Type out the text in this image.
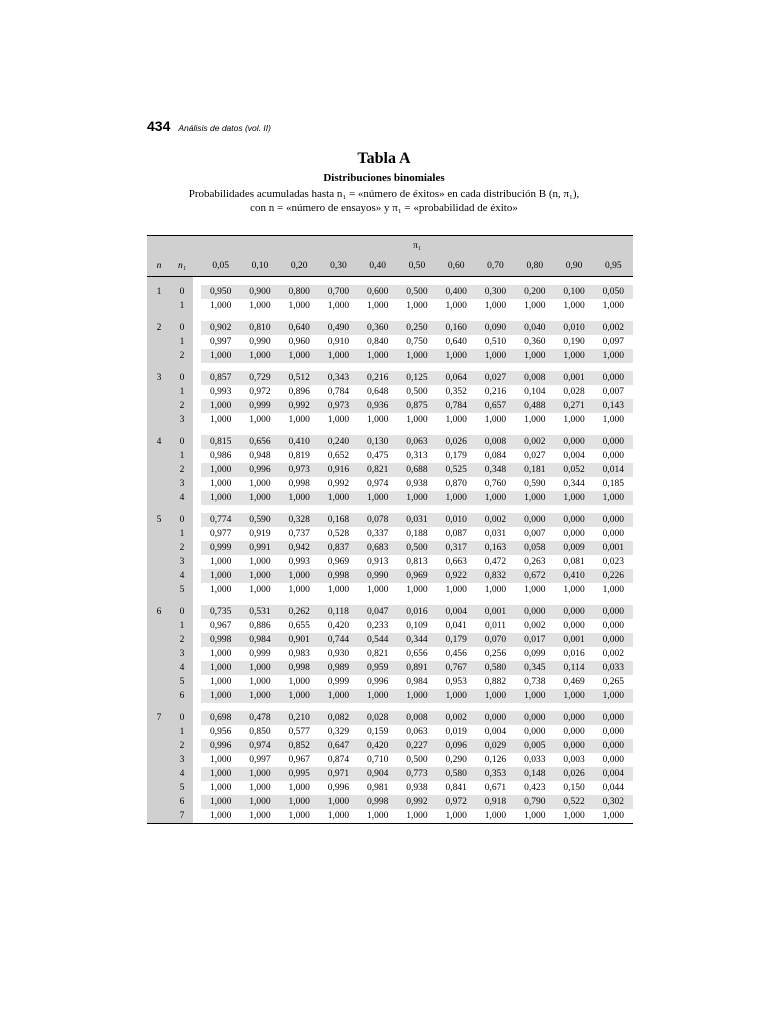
434 Análisis de datos (vol. II)
Tabla A
Distribuciones binomiales
Probabilidades acumuladas hasta n₁ = «número de éxitos» en cada distribución B (n, π₁),
con n = «número de ensayos» y π₁ = «probabilidad de éxito»
			π₁										
n	n₁		0,05	0,10	0,20	0,30	0,40	0,50	0,60	0,70	0,80	0,90	0,95

1	0		0,950	0,900	0,800	0,700	0,600	0,500	0,400	0,300	0,200	0,100	0,050
	1		1,000	1,000	1,000	1,000	1,000	1,000	1,000	1,000	1,000	1,000	1,000

2	0		0,902	0,810	0,640	0,490	0,360	0,250	0,160	0,090	0,040	0,010	0,002
	1		0,997	0,990	0,960	0,910	0,840	0,750	0,640	0,510	0,360	0,190	0,097
	2		1,000	1,000	1,000	1,000	1,000	1,000	1,000	1,000	1,000	1,000	1,000

3	0		0,857	0,729	0,512	0,343	0,216	0,125	0,064	0,027	0,008	0,001	0,000
	1		0,993	0,972	0,896	0,784	0,648	0,500	0,352	0,216	0,104	0,028	0,007
	2		1,000	0,999	0,992	0,973	0,936	0,875	0,784	0,657	0,488	0,271	0,143
	3		1,000	1,000	1,000	1,000	1,000	1,000	1,000	1,000	1,000	1,000	1,000

4	0		0,815	0,656	0,410	0,240	0,130	0,063	0,026	0,008	0,002	0,000	0,000
	1		0,986	0,948	0,819	0,652	0,475	0,313	0,179	0,084	0,027	0,004	0,000
	2		1,000	0,996	0,973	0,916	0,821	0,688	0,525	0,348	0,181	0,052	0,014
	3		1,000	1,000	0,998	0,992	0,974	0,938	0,870	0,760	0,590	0,344	0,185
	4		1,000	1,000	1,000	1,000	1,000	1,000	1,000	1,000	1,000	1,000	1,000

5	0		0,774	0,590	0,328	0,168	0,078	0,031	0,010	0,002	0,000	0,000	0,000
	1		0,977	0,919	0,737	0,528	0,337	0,188	0,087	0,031	0,007	0,000	0,000
	2		0,999	0,991	0,942	0,837	0,683	0,500	0,317	0,163	0,058	0,009	0,001
	3		1,000	1,000	0,993	0,969	0,913	0,813	0,663	0,472	0,263	0,081	0,023
	4		1,000	1,000	1,000	0,998	0,990	0,969	0,922	0,832	0,672	0,410	0,226
	5		1,000	1,000	1,000	1,000	1,000	1,000	1,000	1,000	1,000	1,000	1,000

6	0		0,735	0,531	0,262	0,118	0,047	0,016	0,004	0,001	0,000	0,000	0,000
	1		0,967	0,886	0,655	0,420	0,233	0,109	0,041	0,011	0,002	0,000	0,000
	2		0,998	0,984	0,901	0,744	0,544	0,344	0,179	0,070	0,017	0,001	0,000
	3		1,000	0,999	0,983	0,930	0,821	0,656	0,456	0,256	0,099	0,016	0,002
	4		1,000	1,000	0,998	0,989	0,959	0,891	0,767	0,580	0,345	0,114	0,033
	5		1,000	1,000	1,000	0,999	0,996	0,984	0,953	0,882	0,738	0,469	0,265
	6		1,000	1,000	1,000	1,000	1,000	1,000	1,000	1,000	1,000	1,000	1,000

7	0		0,698	0,478	0,210	0,082	0,028	0,008	0,002	0,000	0,000	0,000	0,000
	1		0,956	0,850	0,577	0,329	0,159	0,063	0,019	0,004	0,000	0,000	0,000
	2		0,996	0,974	0,852	0,647	0,420	0,227	0,096	0,029	0,005	0,000	0,000
	3		1,000	0,997	0,967	0,874	0,710	0,500	0,290	0,126	0,033	0,003	0,000
	4		1,000	1,000	0,995	0,971	0,904	0,773	0,580	0,353	0,148	0,026	0,004
	5		1,000	1,000	1,000	0,996	0,981	0,938	0,841	0,671	0,423	0,150	0,044
	6		1,000	1,000	1,000	1,000	0,998	0,992	0,972	0,918	0,790	0,522	0,302
	7		1,000	1,000	1,000	1,000	1,000	1,000	1,000	1,000	1,000	1,000	1,000
